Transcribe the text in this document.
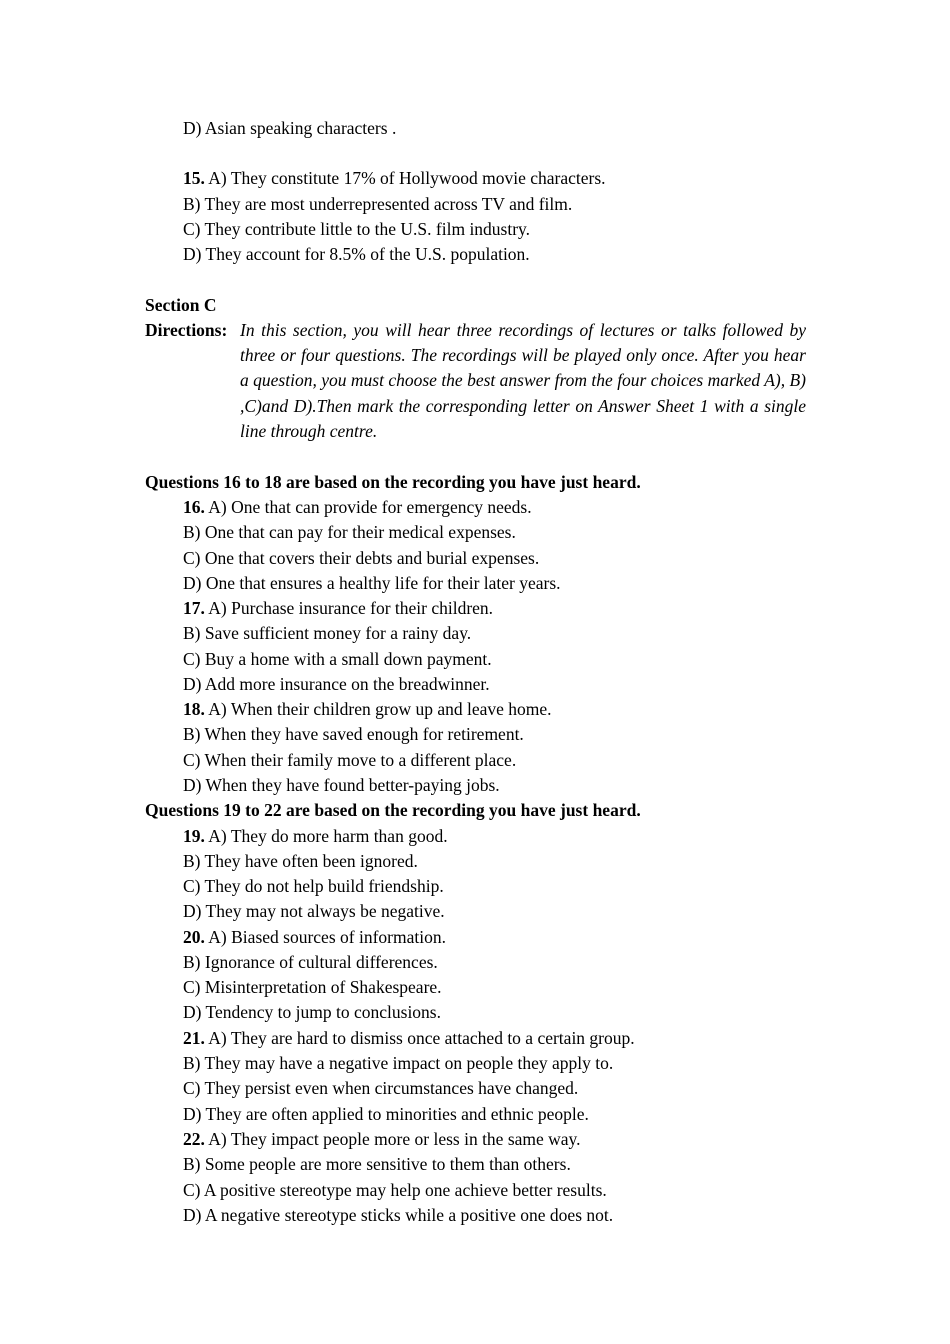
D) Asian speaking characters .
15. A) They constitute 17% of Hollywood movie characters.
B) They are most underrepresented across TV and film.
C) They contribute little to the U.S. film industry.
D) They account for 8.5% of the U.S. population.
Section C
Directions: In this section, you will hear three recordings of lectures or talks followed by three or four questions. The recordings will be played only once. After you hear a question, you must choose the best answer from the four choices marked A), B) ,C)and D).Then mark the corresponding letter on Answer Sheet 1 with a single line through centre.
Questions 16 to 18 are based on the recording you have just heard.
16. A) One that can provide for emergency needs.
B) One that can pay for their medical expenses.
C) One that covers their debts and burial expenses.
D) One that ensures a healthy life for their later years.
17. A) Purchase insurance for their children.
B) Save sufficient money for a rainy day.
C) Buy a home with a small down payment.
D) Add more insurance on the breadwinner.
18. A) When their children grow up and leave home.
B) When they have saved enough for retirement.
C) When their family move to a different place.
D) When they have found better-paying jobs.
Questions 19 to 22 are based on the recording you have just heard.
19. A) They do more harm than good.
B) They have often been ignored.
C) They do not help build friendship.
D) They may not always be negative.
20. A) Biased sources of information.
B) Ignorance of cultural differences.
C) Misinterpretation of Shakespeare.
D) Tendency to jump to conclusions.
21. A) They are hard to dismiss once attached to a certain group.
B) They may have a negative impact on people they apply to.
C) They persist even when circumstances have changed.
D) They are often applied to minorities and ethnic people.
22. A) They impact people more or less in the same way.
B) Some people are more sensitive to them than others.
C) A positive stereotype may help one achieve better results.
D) A negative stereotype sticks while a positive one does not.
